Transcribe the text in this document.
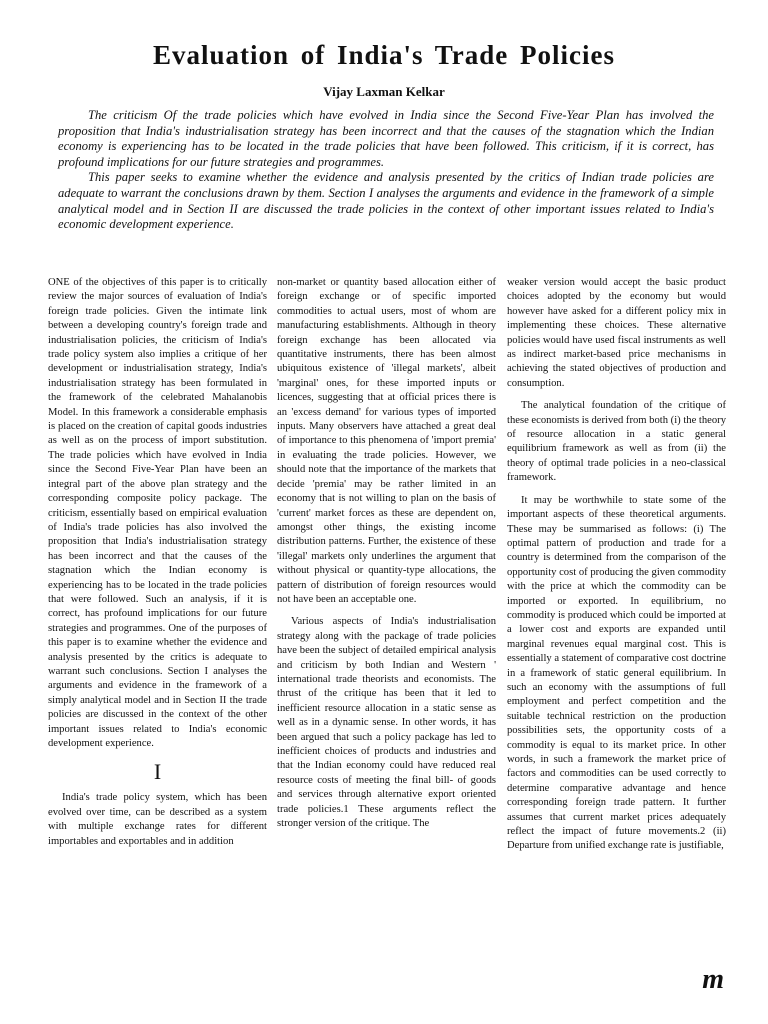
Evaluation of India's Trade Policies
Vijay Laxman Kelkar

The criticism Of the trade policies which have evolved in India since the Second Five-Year Plan has involved the proposition that India's industrialisation strategy has been incorrect and that the causes of the stagnation which the Indian economy is experiencing has to be located in the trade policies that have been followed. This criticism, if it is correct, has profound implications for our future strategies and programmes.

This paper seeks to examine whether the evidence and analysis presented by the critics of Indian trade policies are adequate to warrant the conclusions drawn by them. Section I analyses the arguments and evidence in the framework of a simple analytical model and in Section II are discussed the trade policies in the context of other important issues related to India's economic development experience.

ONE of the objectives of this paper is to critically review the major sources of evaluation of India's foreign trade policies. Given the intimate link between a developing country's foreign trade and industrialisation policies, the criticism of India's trade policy system also implies a critique of her development or industrialisation strategy, India's industrialisation strategy has been formulated in the framework of the celebrated Mahalanobis Model. In this framework a considerable emphasis is placed on the creation of capital goods industries as well as on the process of import substitution. The trade policies which have evolved in India since the Second Five-Year Plan have been an integral part of the above plan strategy and the corresponding composite policy package. The criticism, essentially based on empirical evaluation of India's trade policies has also involved the proposition that India's industrialisation strategy has been incorrect and that the causes of the stagnation which the Indian economy is experiencing has to be located in the trade policies that were followed. Such an analysis, if it is correct, has profound implications for our future strategies and programmes. One of the purposes of this paper is to examine whether the evidence and analysis presented by the critics is adequate to warrant such conclusions. Section I analyses the arguments and evidence in the framework of a simply analytical model and in Section II the trade policies are discussed in the context of the other important issues related to India's economic development experience.

I

India's trade policy system, which has been evolved over time, can be described as a system with multiple exchange rates for different importables and exportables and in addition

non-market or quantity based allocation either of foreign exchange or of specific imported commodities to actual users, most of whom are manufacturing establishments. Although in theory foreign exchange has been allocated via quantitative instruments, there has been almost ubiquitous existence of 'illegal markets', albeit 'marginal' ones, for these imported inputs or licences, suggesting that at official prices there is an 'excess demand' for various types of imported inputs. Many observers have attached a great deal of importance to this phenomena of 'import premia' in evaluating the trade policies. However, we should note that the importance of the markets that decide 'premia' may be rather limited in an economy that is not willing to plan on the basis of 'current' market forces as these are dependent on, amongst other things, the existing income distribution patterns. Further, the existence of these 'illegal' markets only underlines the argument that without physical or quantity-type allocations, the pattern of distribution of foreign resources would not have been an acceptable one.

Various aspects of India's industrialisation strategy along with the package of trade policies have been the subject of detailed empirical analysis and criticism by both Indian and Western ' international trade theorists and economists. The thrust of the critique has been that it led to inefficient resource allocation in a static sense as well as in a dynamic sense. In other words, it has been argued that such a policy package has led to inefficient choices of products and industries and that the Indian economy could have reduced real resource costs of meeting the final bill- of goods and services through alternative export oriented trade policies.1 These arguments reflect the stronger version of the critique. The

weaker version would accept the basic product choices adopted by the economy but would however have asked for a different policy mix in implementing these choices. These alternative policies would have used fiscal instruments as well as indirect market-based price mechanisms in achieving the stated objectives of production and consumption.

The analytical foundation of the critique of these economists is derived from both (i) the theory of resource allocation in a static general equilibrium framework as well as from (ii) the theory of optimal trade policies in a neo-classical framework.

It may be worthwhile to state some of the important aspects of these theoretical arguments. These may be summarised as follows: (i) The optimal pattern of production and trade for a country is determined from the comparison of the opportunity cost of producing the given commodity with the price at which the commodity can be imported or exported. In equilibrium, no commodity is produced which could be imported at a lower cost and exports are expanded until marginal revenues equal marginal cost. This is essentially a statement of comparative cost doctrine in a framework of static general equilibrium. In such an economy with the assumptions of full employment and perfect competition and the suitable technical restriction on the production possibilities sets, the opportunity costs of a commodity is equal to its market price. In other words, in such a framework the market price of factors and commodities can be used correctly to determine comparative advantage and hence corresponding foreign trade pattern. It further assumes that current market prices adequately reflect the impact of future movements.2 (ii) Departure from unified exchange rate is justifiable,

m
